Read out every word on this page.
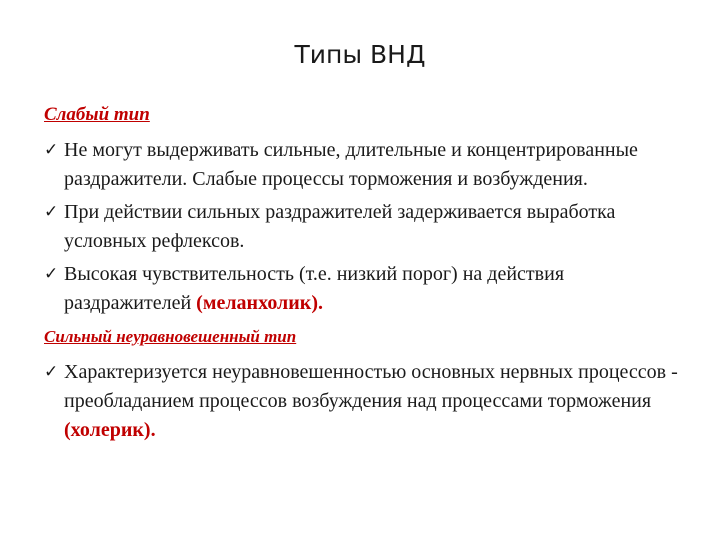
Типы ВНД
Слабый тип
✓ Не могут выдерживать сильные, длительные и концентрированные раздражители. Слабые процессы торможения и возбуждения.
✓ При действии сильных раздражителей задерживается выработка условных рефлексов.
✓ Высокая чувствительность (т.е. низкий порог) на действия раздражителей (меланхолик).
Сильный неуравновешенный тип
✓ Характеризуется неуравновешенностью основных нервных процессов - преобладанием процессов возбуждения над процессами торможения (холерик).
